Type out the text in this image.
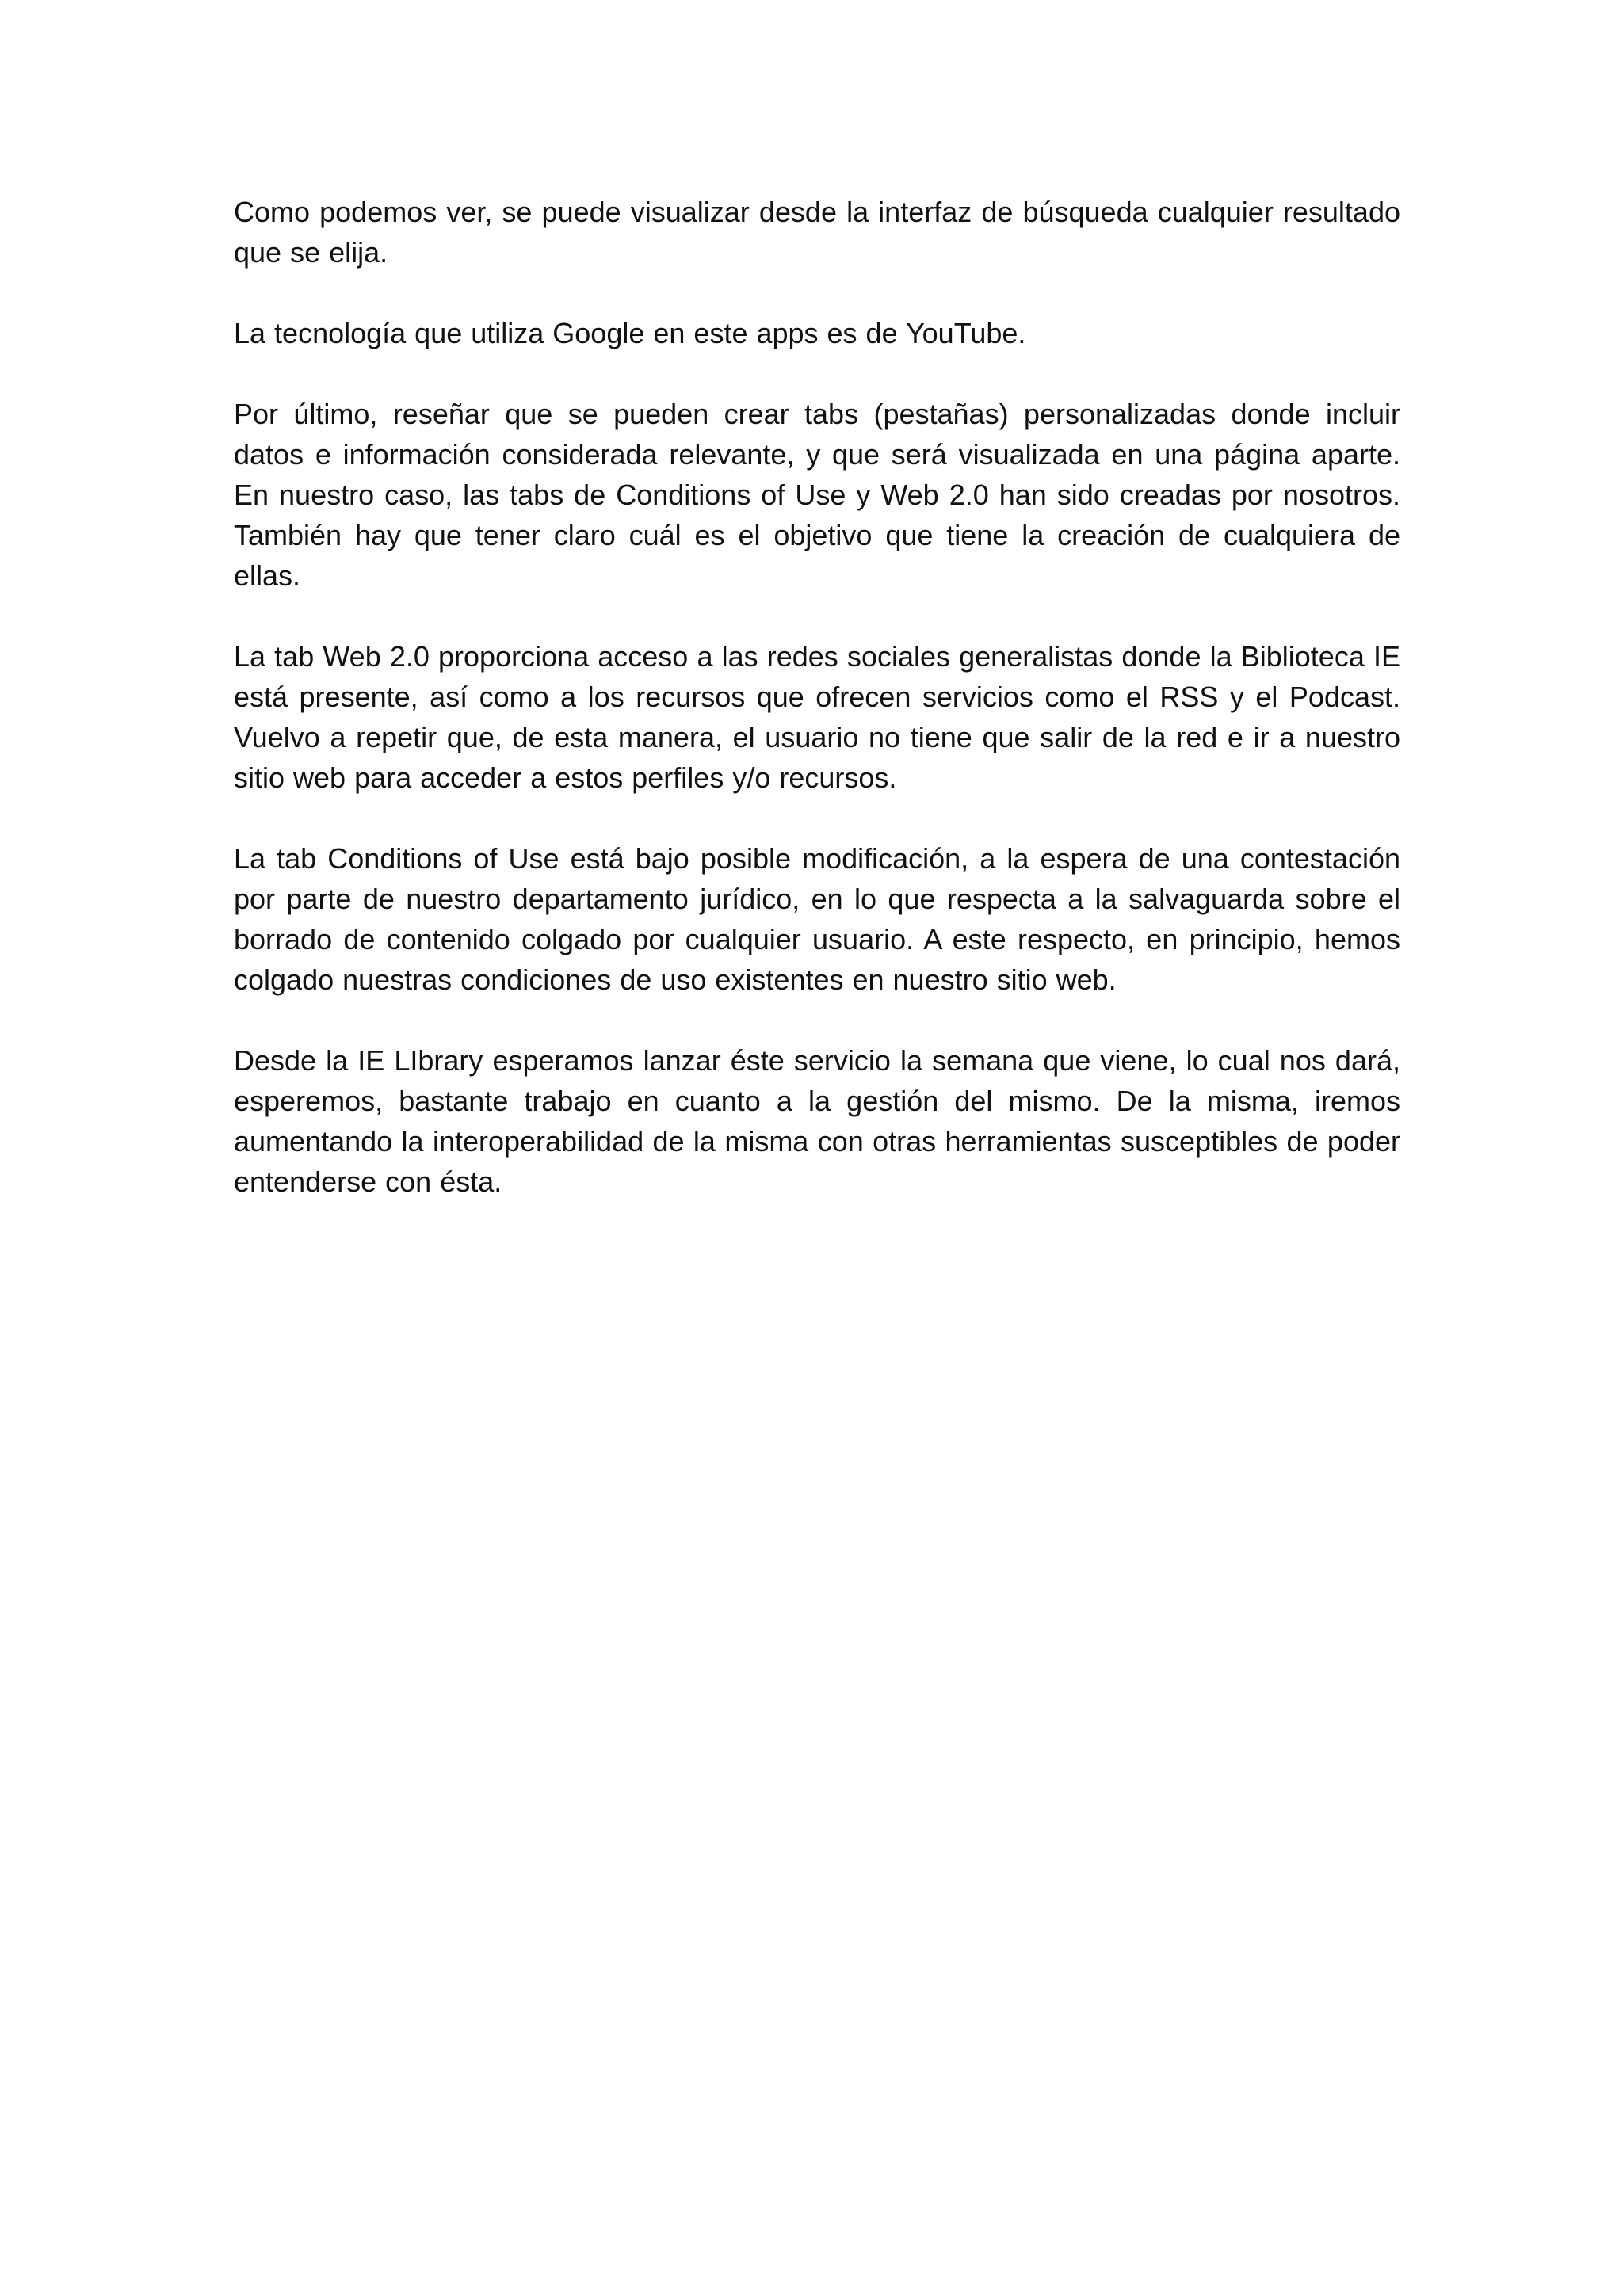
Como podemos ver, se puede visualizar desde la interfaz de búsqueda cualquier resultado que se elija.

La tecnología que utiliza Google en este apps es de YouTube.

Por último, reseñar que se pueden crear tabs (pestañas) personalizadas donde incluir datos e información considerada relevante, y que será visualizada en una página aparte. En nuestro caso, las tabs de Conditions of Use y Web 2.0 han sido creadas por nosotros. También hay que tener claro cuál es el objetivo que tiene la creación de cualquiera de ellas.

La tab Web 2.0 proporciona acceso a las redes sociales generalistas donde la Biblioteca IE está presente, así como a los recursos que ofrecen servicios como el RSS y el Podcast. Vuelvo a repetir que, de esta manera, el usuario no tiene que salir de la red e ir a nuestro sitio web para acceder a estos perfiles y/o recursos.

La tab Conditions of Use está bajo posible modificación, a la espera de una contestación por parte de nuestro departamento jurídico, en lo que respecta a la salvaguarda sobre el borrado de contenido colgado por cualquier usuario. A este respecto, en principio, hemos colgado nuestras condiciones de uso existentes en nuestro sitio web.

Desde la IE LIbrary esperamos lanzar éste servicio la semana que viene, lo cual nos dará, esperemos, bastante trabajo en cuanto a la gestión del mismo. De la misma, iremos aumentando la interoperabilidad de la misma con otras herramientas susceptibles de poder entenderse con ésta.
